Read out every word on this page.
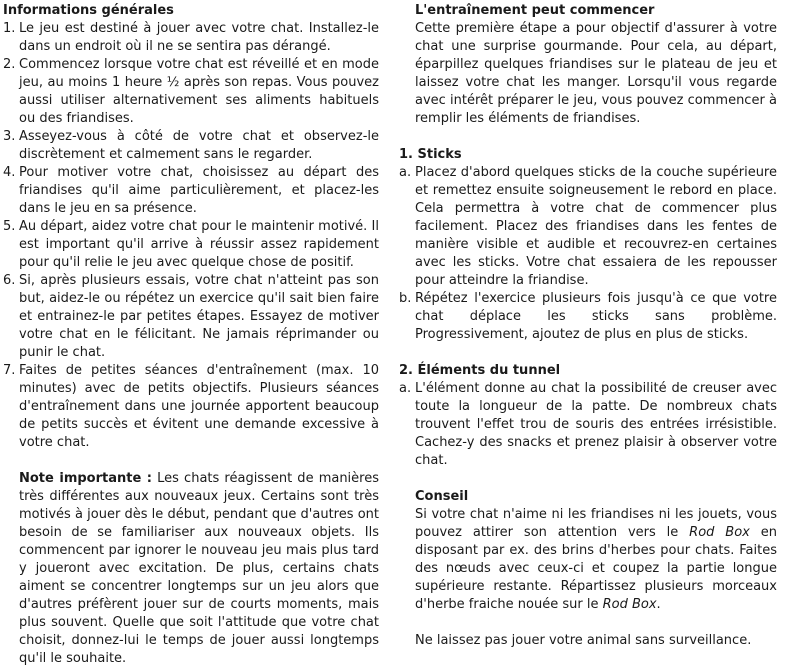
Informations générales
1. Le jeu est destiné à jouer avec votre chat. Installez-le dans un endroit où il ne se sentira pas dérangé.
2. Commencez lorsque votre chat est réveillé et en mode jeu, au moins 1 heure ½ après son repas. Vous pouvez aussi utiliser alternativement ses aliments habituels ou des friandises.
3. Asseyez-vous à côté de votre chat et observez-le discrètement et calmement sans le regarder.
4. Pour motiver votre chat, choisissez au départ des friandises qu'il aime particulièrement, et placez-les dans le jeu en sa présence.
5. Au départ, aidez votre chat pour le maintenir motivé. Il est important qu'il arrive à réussir assez rapidement pour qu'il relie le jeu avec quelque chose de positif.
6. Si, après plusieurs essais, votre chat n'atteint pas son but, aidez-le ou répétez un exercice qu'il sait bien faire et entrainez-le par petites étapes. Essayez de motiver votre chat en le félicitant. Ne jamais réprimander ou punir le chat.
7. Faites de petites séances d'entraînement (max. 10 minutes) avec de petits objectifs. Plusieurs séances d'entraînement dans une journée apportent beaucoup de petits succès et évitent une demande excessive à votre chat.

Note importante : Les chats réagissent de manières très différentes aux nouveaux jeux. Certains sont très motivés à jouer dès le début, pendant que d'autres ont besoin de se familiariser aux nouveaux objets. Ils commencent par ignorer le nouveau jeu mais plus tard y joueront avec excitation. De plus, certains chats aiment se concentrer longtemps sur un jeu alors que d'autres préfèrent jouer sur de courts moments, mais plus souvent. Quelle que soit l'attitude que votre chat choisit, donnez-lui le temps de jouer aussi longtemps qu'il le souhaite.

L'entraînement peut commencer

Cette première étape a pour objectif d'assurer à votre chat une surprise gourmande. Pour cela, au départ, éparpillez quelques friandises sur le plateau de jeu et laissez votre chat les manger. Lorsqu'il vous regarde avec intérêt préparer le jeu, vous pouvez commencer à remplir les éléments de friandises.

1. Sticks
a. Placez d'abord quelques sticks de la couche supérieure et remettez ensuite soigneusement le rebord en place. Cela permettra à votre chat de commencer plus facilement. Placez des friandises dans les fentes de manière visible et audible et recouvrez-en certaines avec les sticks. Votre chat essaiera de les repousser pour atteindre la friandise.
b. Répétez l'exercice plusieurs fois jusqu'à ce que votre chat déplace les sticks sans problème. Progressivement, ajoutez de plus en plus de sticks.
2. Éléments du tunnel
a. L'élément donne au chat la possibilité de creuser avec toute la longueur de la patte. De nombreux chats trouvent l'effet trou de souris des entrées irrésistible. Cachez-y des snacks et prenez plaisir à observer votre chat.
Conseil

Si votre chat n'aime ni les friandises ni les jouets, vous pouvez attirer son attention vers le Rod Box en disposant par ex. des brins d'herbes pour chats. Faites des nœuds avec ceux-ci et coupez la partie longue supérieure restante. Répartissez plusieurs morceaux d'herbe fraiche nouée sur le Rod Box.

Ne laissez pas jouer votre animal sans surveillance.
